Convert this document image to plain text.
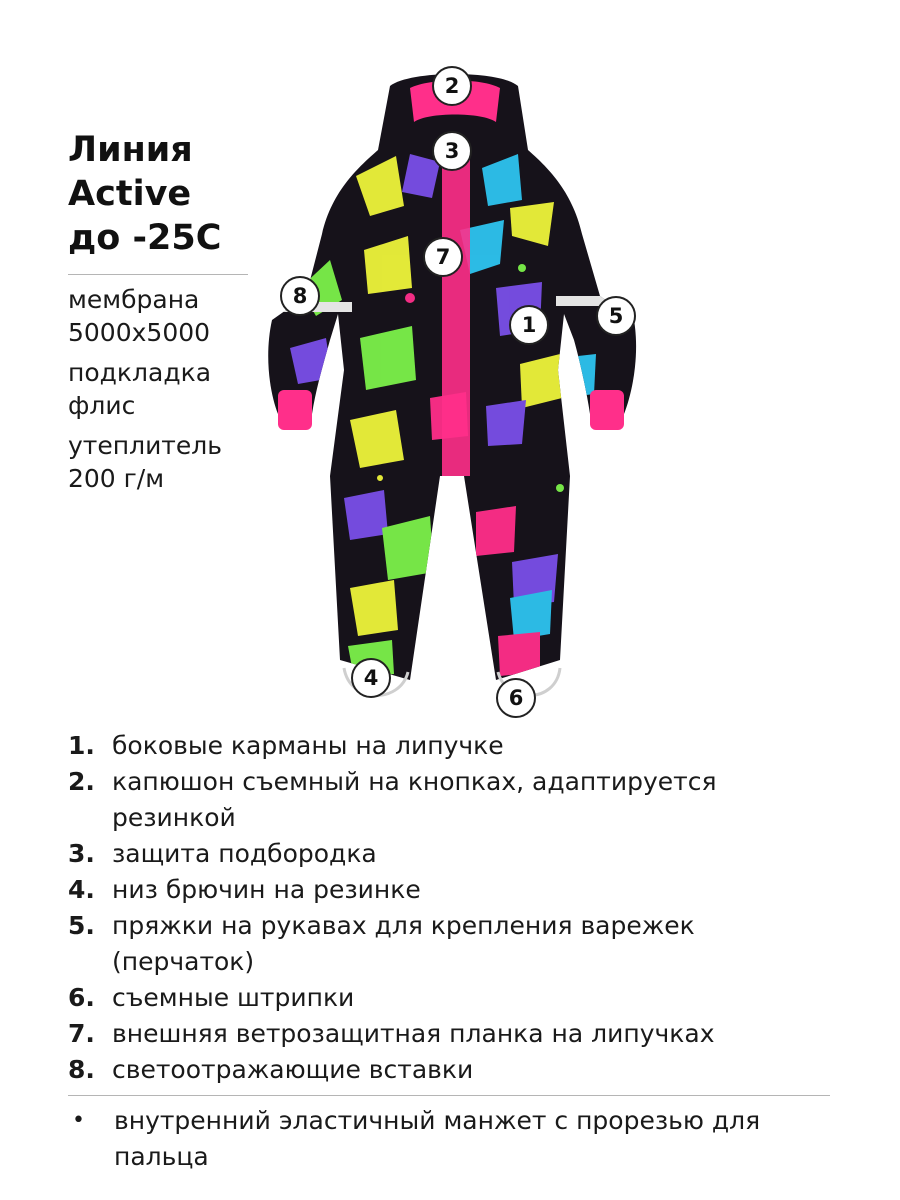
Линия
Active
до -25С
мембрана
5000х5000
подкладка
флис
утеплитель
200 г/м
2
3
7
8
1	5
4
6
1. боковые карманы на липучке
2. капюшон съемный на кнопках, адаптируется резинкой
3. защита подбородка
4. низ брючин на резинке
5. пряжки на рукавах для крепления варежек (перчаток)
6. съемные штрипки
7. внешняя ветрозащитная планка на липучках
8. светоотражающие вставки
•	внутренний эластичный манжет с прорезью для пальца
